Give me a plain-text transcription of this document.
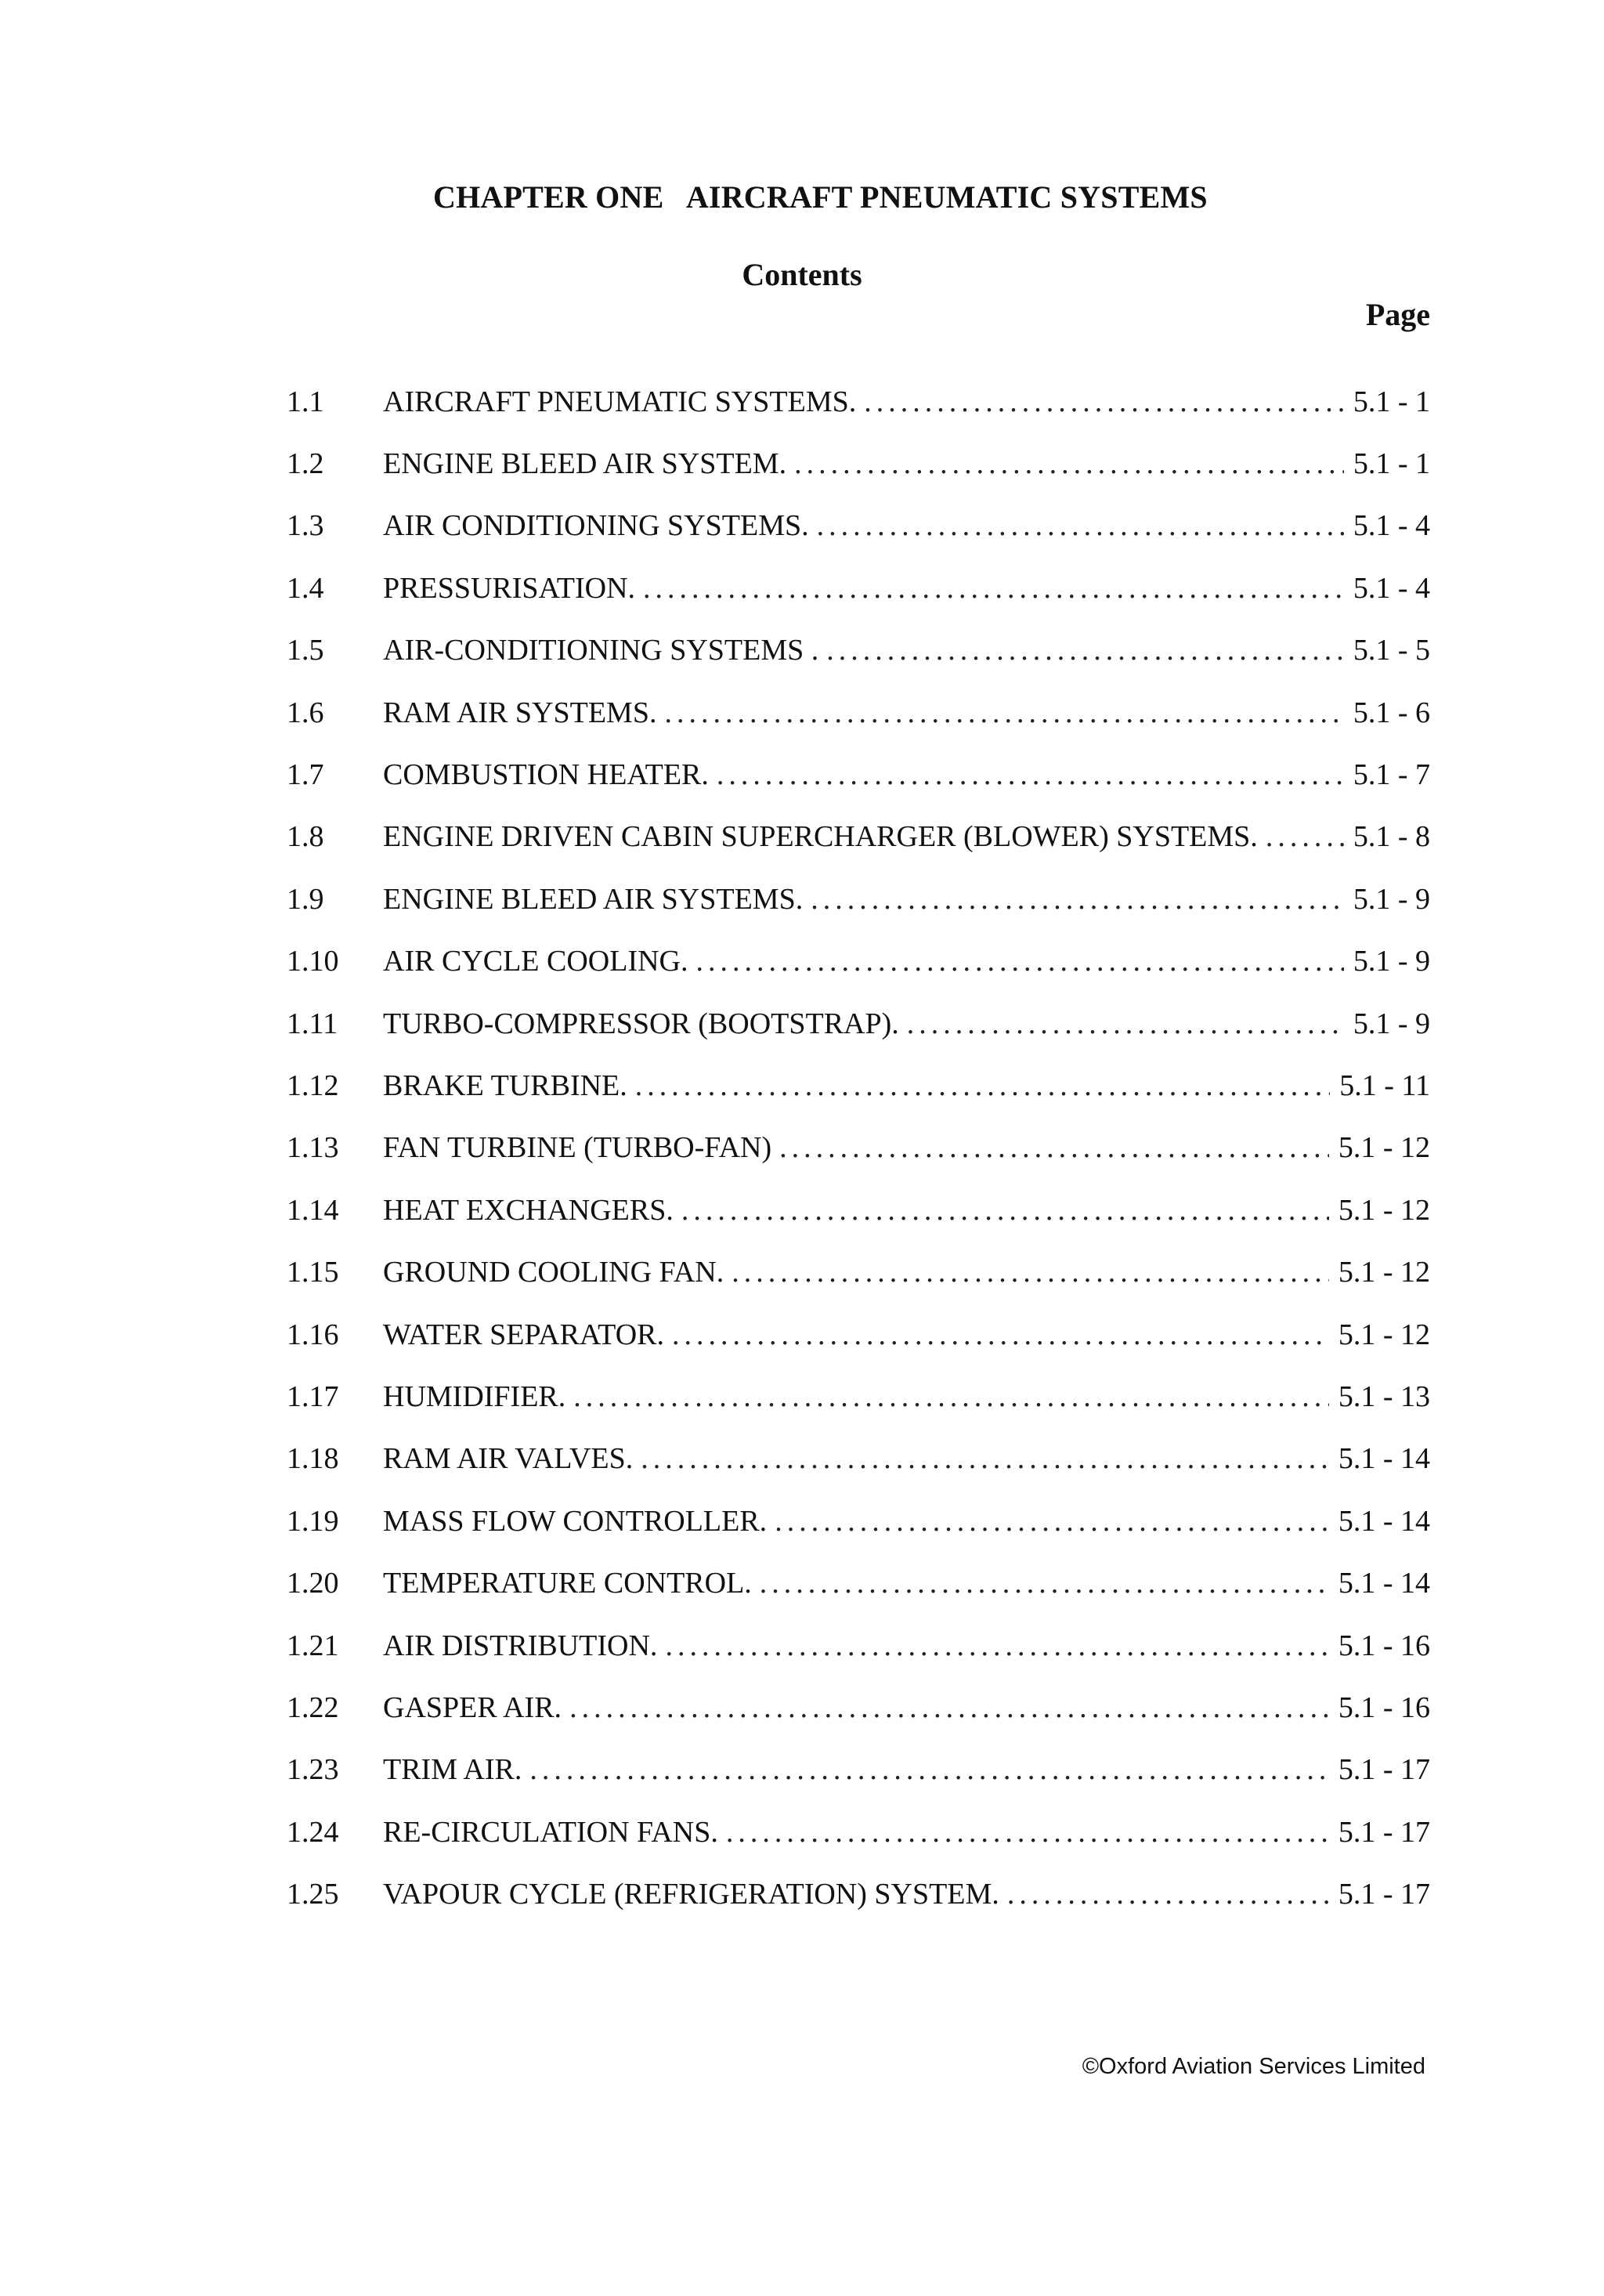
CHAPTER ONE   AIRCRAFT PNEUMATIC SYSTEMS
Contents
Page
1.1	AIRCRAFT PNEUMATIC SYSTEMS. .....	5.1 - 1
1.2	ENGINE BLEED AIR SYSTEM. .....	5.1 - 1
1.3	AIR CONDITIONING SYSTEMS. .....	5.1 - 4
1.4	PRESSURISATION. .....	5.1 - 4
1.5	AIR-CONDITIONING SYSTEMS . .....	5.1 - 5
1.6	RAM AIR SYSTEMS. .....	5.1 - 6
1.7	COMBUSTION HEATER. .....	5.1 - 7
1.8	ENGINE DRIVEN CABIN SUPERCHARGER (BLOWER) SYSTEMS. .....	5.1 - 8
1.9	ENGINE BLEED AIR SYSTEMS. .....	5.1 - 9
1.10	AIR CYCLE COOLING. .....	5.1 - 9
1.11	TURBO-COMPRESSOR (BOOTSTRAP). .....	5.1 - 9
1.12	BRAKE TURBINE. .....	5.1 - 11
1.13	FAN TURBINE (TURBO-FAN) .....	5.1 - 12
1.14	HEAT EXCHANGERS. .....	5.1 - 12
1.15	GROUND COOLING FAN. .....	5.1 - 12
1.16	WATER SEPARATOR. .....	5.1 - 12
1.17	HUMIDIFIER. .....	5.1 - 13
1.18	RAM AIR VALVES. .....	5.1 - 14
1.19	MASS FLOW CONTROLLER. .....	5.1 - 14
1.20	TEMPERATURE CONTROL. .....	5.1 - 14
1.21	AIR DISTRIBUTION. .....	5.1 - 16
1.22	GASPER AIR. .....	5.1 - 16
1.23	TRIM AIR. .....	5.1 - 17
1.24	RE-CIRCULATION FANS. .....	5.1 - 17
1.25	VAPOUR CYCLE (REFRIGERATION) SYSTEM. .....	5.1 - 17
©Oxford Aviation Services Limited
